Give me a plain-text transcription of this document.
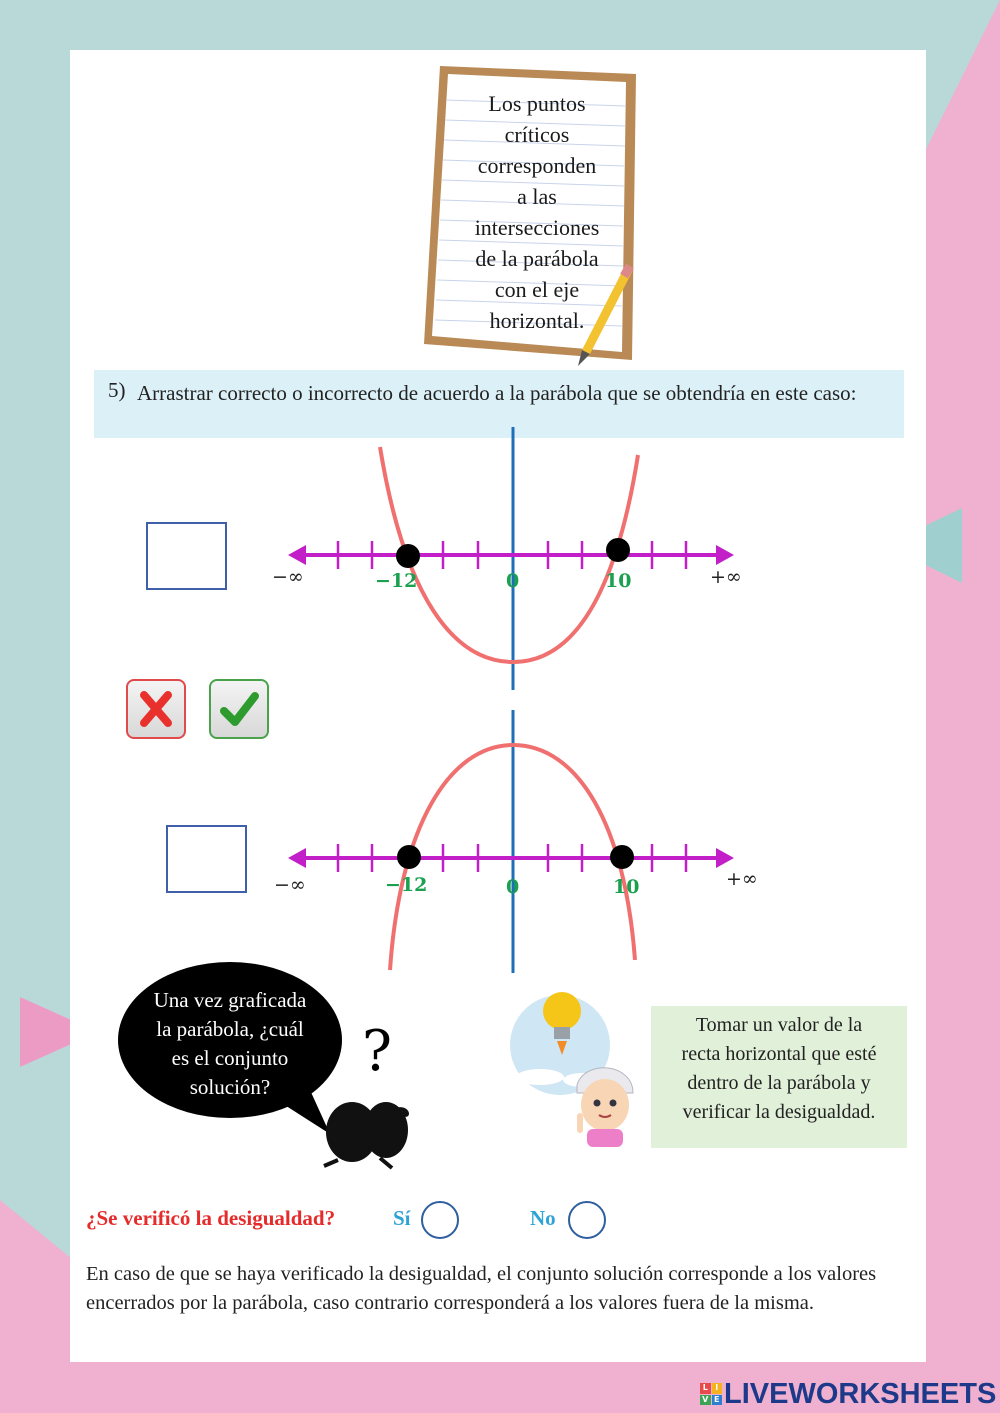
Los puntos
críticos
corresponden
a las
intersecciones
de la parábola
con el eje
horizontal.
5) Arrastrar correcto o incorrecto de acuerdo a la parábola que se obtendría en este caso:
−∞	−12	0	10	+∞
−∞	−12	0	10	+∞
?
Una vez graficada
la parábola, ¿cuál
es el conjunto
solución?
Tomar un valor de la
recta horizontal que esté
dentro de la parábola y
verificar la desigualdad.
¿Se verificó la desigualdad?	Sí	No
En caso de que se haya verificado la desigualdad, el conjunto solución corresponde a los valores encerrados por la parábola, caso contrario corresponderá a los valores fuera de la misma.
L I
V E LIVEWORKSHEETS
